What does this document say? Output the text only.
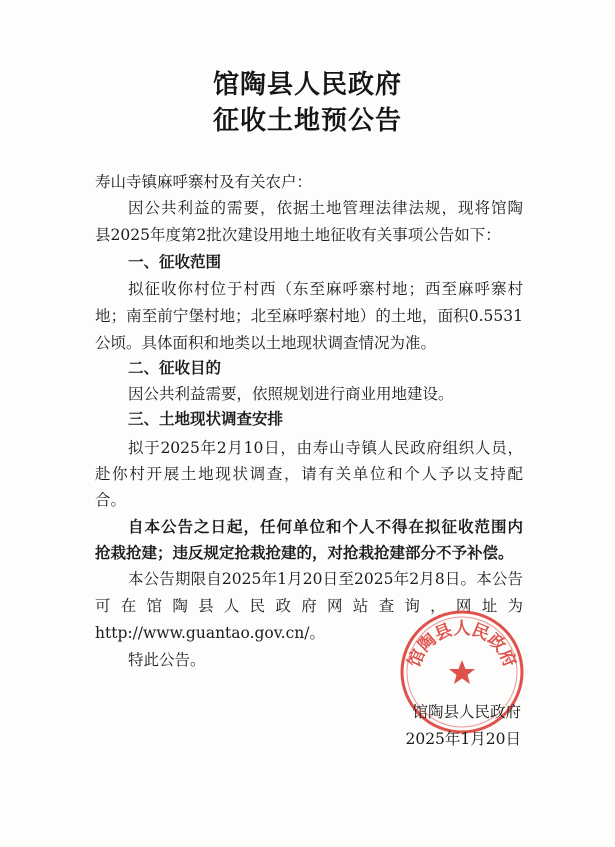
馆陶县人民政府
征收土地预公告
寿山寺镇麻呼寨村及有关农户：
因公共利益的需要，依据土地管理法律法规，现将馆陶
县2025年度第2批次建设用地土地征收有关事项公告如下：
一、征收范围
拟征收你村位于村西（东至麻呼寨村地；西至麻呼寨村
地；南至前宁堡村地；北至麻呼寨村地）的土地，面积0.5531
公顷。具体面积和地类以土地现状调查情况为准。
二、征收目的
因公共利益需要，依照规划进行商业用地建设。
三、土地现状调查安排
拟于2025年2月10日，由寿山寺镇人民政府组织人员，
赴你村开展土地现状调查，请有关单位和个人予以支持配
合。
自本公告之日起，任何单位和个人不得在拟征收范围内
抢栽抢建；违反规定抢栽抢建的，对抢栽抢建部分不予补偿。
本公告期限自2025年1月20日至2025年2月8日。本公告
可在馆陶县人民政府网站查询，网址为
http://www.guantao.gov.cn/。
特此公告。	馆陶县人民政府
馆陶县人民政府
2025年1月20日
